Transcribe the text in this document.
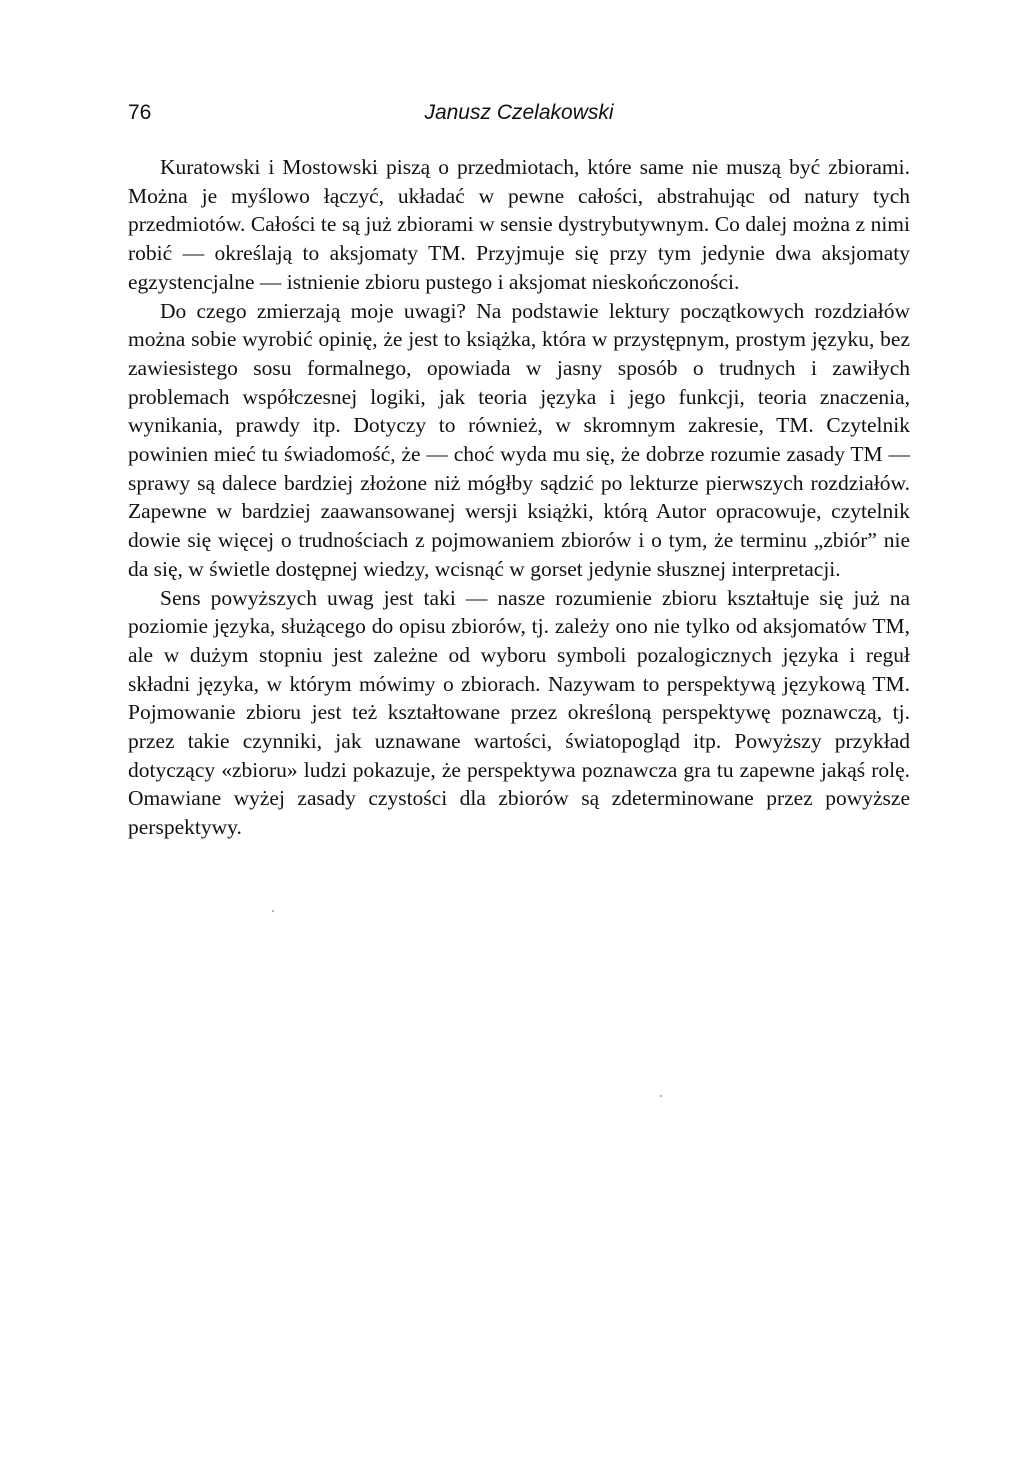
76	Janusz Czelakowski

Kuratowski i Mostowski piszą o przedmiotach, które same nie muszą być zbiorami. Można je myślowo łączyć, układać w pewne całości, abstrahując od natury tych przedmiotów. Całości te są już zbiorami w sensie dystrybutywnym. Co dalej można z nimi robić — określają to aksjomaty TM. Przyjmuje się przy tym jedynie dwa aksjomaty egzystencjalne — istnienie zbioru pustego i aksjomat nieskończoności.

Do czego zmierzają moje uwagi? Na podstawie lektury początkowych rozdziałów można sobie wyrobić opinię, że jest to książka, która w przystępnym, prostym języku, bez zawiesistego sosu formalnego, opowiada w jasny sposób o trudnych i zawiłych problemach współczesnej logiki, jak teoria języka i jego funkcji, teoria znaczenia, wynikania, prawdy itp. Dotyczy to również, w skromnym zakresie, TM. Czytelnik powinien mieć tu świadomość, że — choć wyda mu się, że dobrze rozumie zasady TM — sprawy są dalece bardziej złożone niż mógłby sądzić po lekturze pierwszych rozdziałów. Zapewne w bardziej zaawansowanej wersji książki, którą Autor opracowuje, czytelnik dowie się więcej o trudnościach z pojmowaniem zbiorów i o tym, że terminu „zbiór” nie da się, w świetle dostępnej wiedzy, wcisnąć w gorset jedynie słusznej interpretacji.

Sens powyższych uwag jest taki — nasze rozumienie zbioru kształtuje się już na poziomie języka, służącego do opisu zbiorów, tj. zależy ono nie tylko od aksjomatów TM, ale w dużym stopniu jest zależne od wyboru symboli pozalogicznych języka i reguł składni języka, w którym mówimy o zbiorach. Nazywam to perspektywą językową TM. Pojmowanie zbioru jest też kształtowane przez określoną perspektywę poznawczą, tj. przez takie czynniki, jak uznawane wartości, światopogląd itp. Powyższy przykład dotyczący «zbioru» ludzi pokazuje, że perspektywa poznawcza gra tu zapewne jakąś rolę. Omawiane wyżej zasady czystości dla zbiorów są zdeterminowane przez powyższe perspektywy.
